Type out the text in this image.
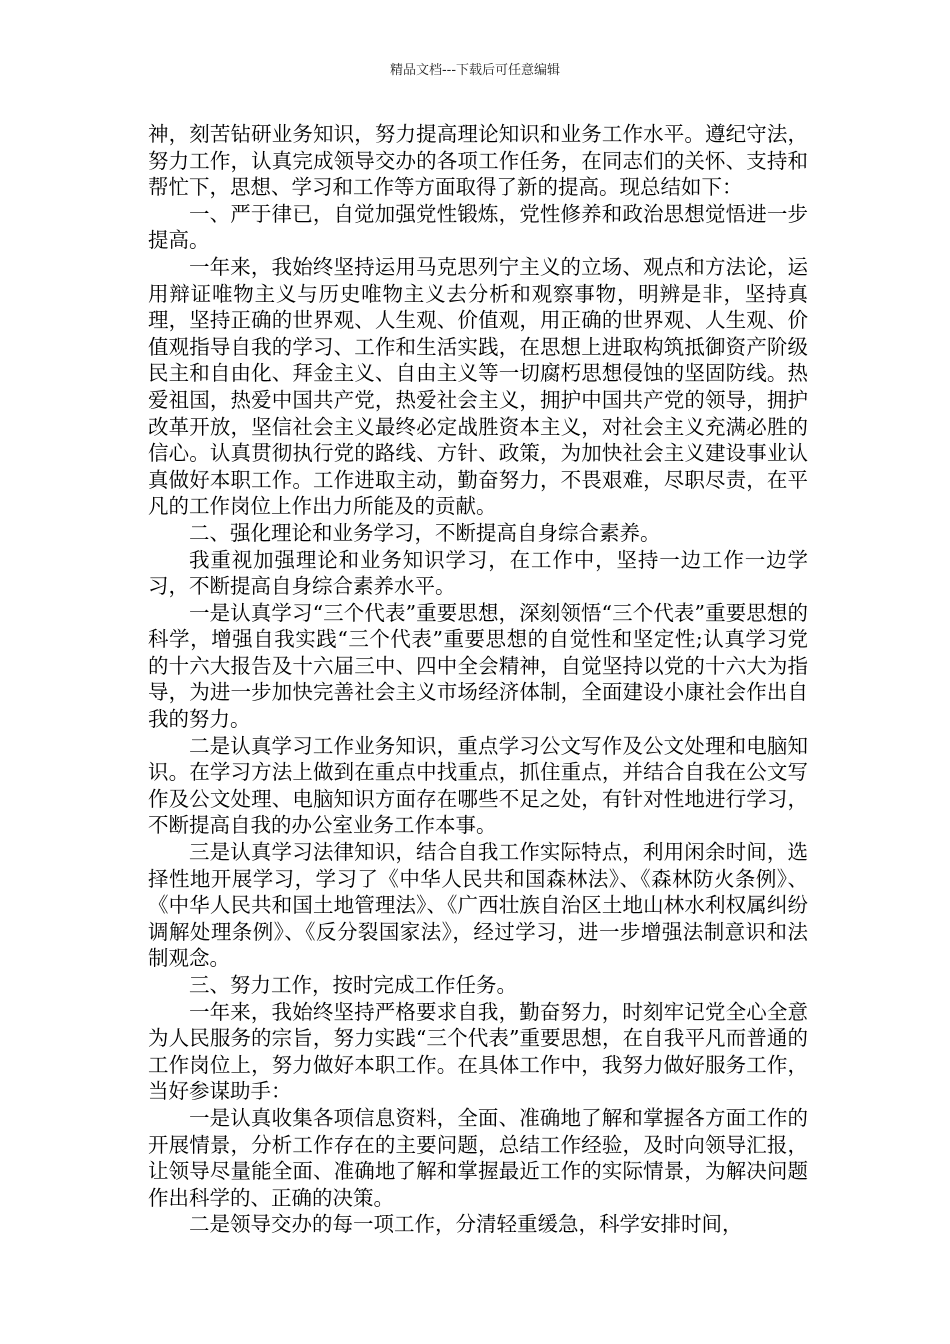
精品文档---下载后可任意编辑

神，刻苦钻研业务知识，努力提高理论知识和业务工作水平。遵纪守法，努力工作，认真完成领导交办的各项工作任务，在同志们的关怀、支持和帮忙下，思想、学习和工作等方面取得了新的提高。现总结如下：

一、严于律已，自觉加强党性锻炼，党性修养和政治思想觉悟进一步提高。

一年来，我始终坚持运用马克思列宁主义的立场、观点和方法论，运用辩证唯物主义与历史唯物主义去分析和观察事物，明辨是非，坚持真理，坚持正确的世界观、人生观、价值观，用正确的世界观、人生观、价值观指导自我的学习、工作和生活实践，在思想上进取构筑抵御资产阶级民主和自由化、拜金主义、自由主义等一切腐朽思想侵蚀的坚固防线。热爱祖国，热爱中国共产党，热爱社会主义，拥护中国共产党的领导，拥护改革开放，坚信社会主义最终必定战胜资本主义，对社会主义充满必胜的信心。认真贯彻执行党的路线、方针、政策，为加快社会主义建设事业认真做好本职工作。工作进取主动，勤奋努力，不畏艰难，尽职尽责，在平凡的工作岗位上作出力所能及的贡献。

二、强化理论和业务学习，不断提高自身综合素养。

我重视加强理论和业务知识学习，在工作中，坚持一边工作一边学习，不断提高自身综合素养水平。

一是认真学习“三个代表”重要思想，深刻领悟“三个代表”重要思想的科学，增强自我实践“三个代表”重要思想的自觉性和坚定性;认真学习党的十六大报告及十六届三中、四中全会精神，自觉坚持以党的十六大为指导，为进一步加快完善社会主义市场经济体制，全面建设小康社会作出自我的努力。

二是认真学习工作业务知识，重点学习公文写作及公文处理和电脑知识。在学习方法上做到在重点中找重点，抓住重点，并结合自我在公文写作及公文处理、电脑知识方面存在哪些不足之处，有针对性地进行学习，不断提高自我的办公室业务工作本事。

三是认真学习法律知识，结合自我工作实际特点，利用闲余时间，选择性地开展学习，学习了《中华人民共和国森林法》、《森林防火条例》、《中华人民共和国土地管理法》、《广西壮族自治区土地山林水利权属纠纷调解处理条例》、《反分裂国家法》，经过学习，进一步增强法制意识和法制观念。

三、努力工作，按时完成工作任务。

一年来，我始终坚持严格要求自我，勤奋努力，时刻牢记党全心全意为人民服务的宗旨，努力实践“三个代表”重要思想，在自我平凡而普通的工作岗位上，努力做好本职工作。在具体工作中，我努力做好服务工作，当好参谋助手：

一是认真收集各项信息资料，全面、准确地了解和掌握各方面工作的开展情景，分析工作存在的主要问题，总结工作经验，及时向领导汇报，让领导尽量能全面、准确地了解和掌握最近工作的实际情景，为解决问题作出科学的、正确的决策。

二是领导交办的每一项工作，分清轻重缓急，科学安排时间，
